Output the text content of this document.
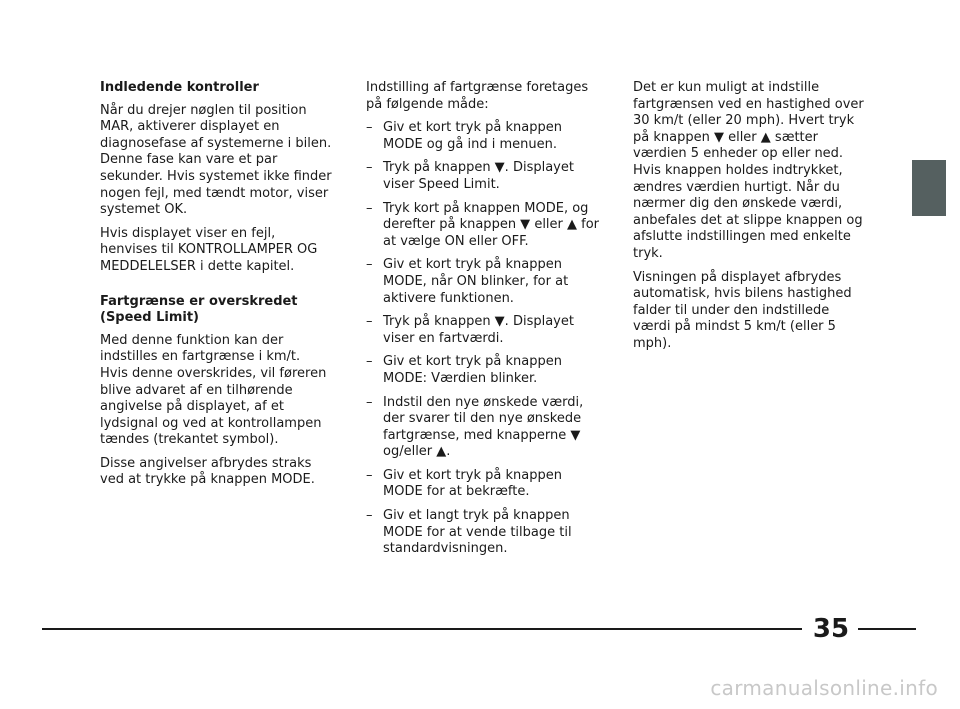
Indledende kontroller

Når du drejer nøglen til position MAR, aktiverer displayet en diagnosefase af systemerne i bilen. Denne fase kan vare et par sekunder. Hvis systemet ikke finder nogen fejl, med tændt motor, viser systemet OK.

Hvis displayet viser en fejl, henvises til KONTROLLAMPER OG MEDDELELSER i dette kapitel.

Fartgrænse er overskredet (Speed Limit)

Med denne funktion kan der indstilles en fartgrænse i km/t. Hvis denne overskrides, vil føreren blive advaret af en tilhørende angivelse på displayet, af et lydsignal og ved at kontrollampen tændes (trekantet symbol).

Disse angivelser afbrydes straks ved at trykke på knappen MODE.

Indstilling af fartgrænse foretages på følgende måde:

– Giv et kort tryk på knappen MODE og gå ind i menuen.
– Tryk på knappen ▼. Displayet viser Speed Limit.
– Tryk kort på knappen MODE, og derefter på knappen ▼ eller ▲ for at vælge ON eller OFF.
– Giv et kort tryk på knappen MODE, når ON blinker, for at aktivere funktionen.
– Tryk på knappen ▼. Displayet viser en fartværdi.
– Giv et kort tryk på knappen MODE: Værdien blinker.
– Indstil den nye ønskede værdi, der svarer til den nye ønskede fartgrænse, med knapperne ▼ og/eller ▲.
– Giv et kort tryk på knappen MODE for at bekræfte.
– Giv et langt tryk på knappen MODE for at vende tilbage til standardvisningen.

Det er kun muligt at indstille fartgrænsen ved en hastighed over 30 km/t (eller 20 mph). Hvert tryk på knappen ▼ eller ▲ sætter værdien 5 enheder op eller ned. Hvis knappen holdes indtrykket, ændres værdien hurtigt. Når du nærmer dig den ønskede værdi, anbefales det at slippe knappen og afslutte indstillingen med enkelte tryk.

Visningen på displayet afbrydes automatisk, hvis bilens hastighed falder til under den indstillede værdi på mindst 5 km/t (eller 5 mph).

35
carmanualsonline.info
